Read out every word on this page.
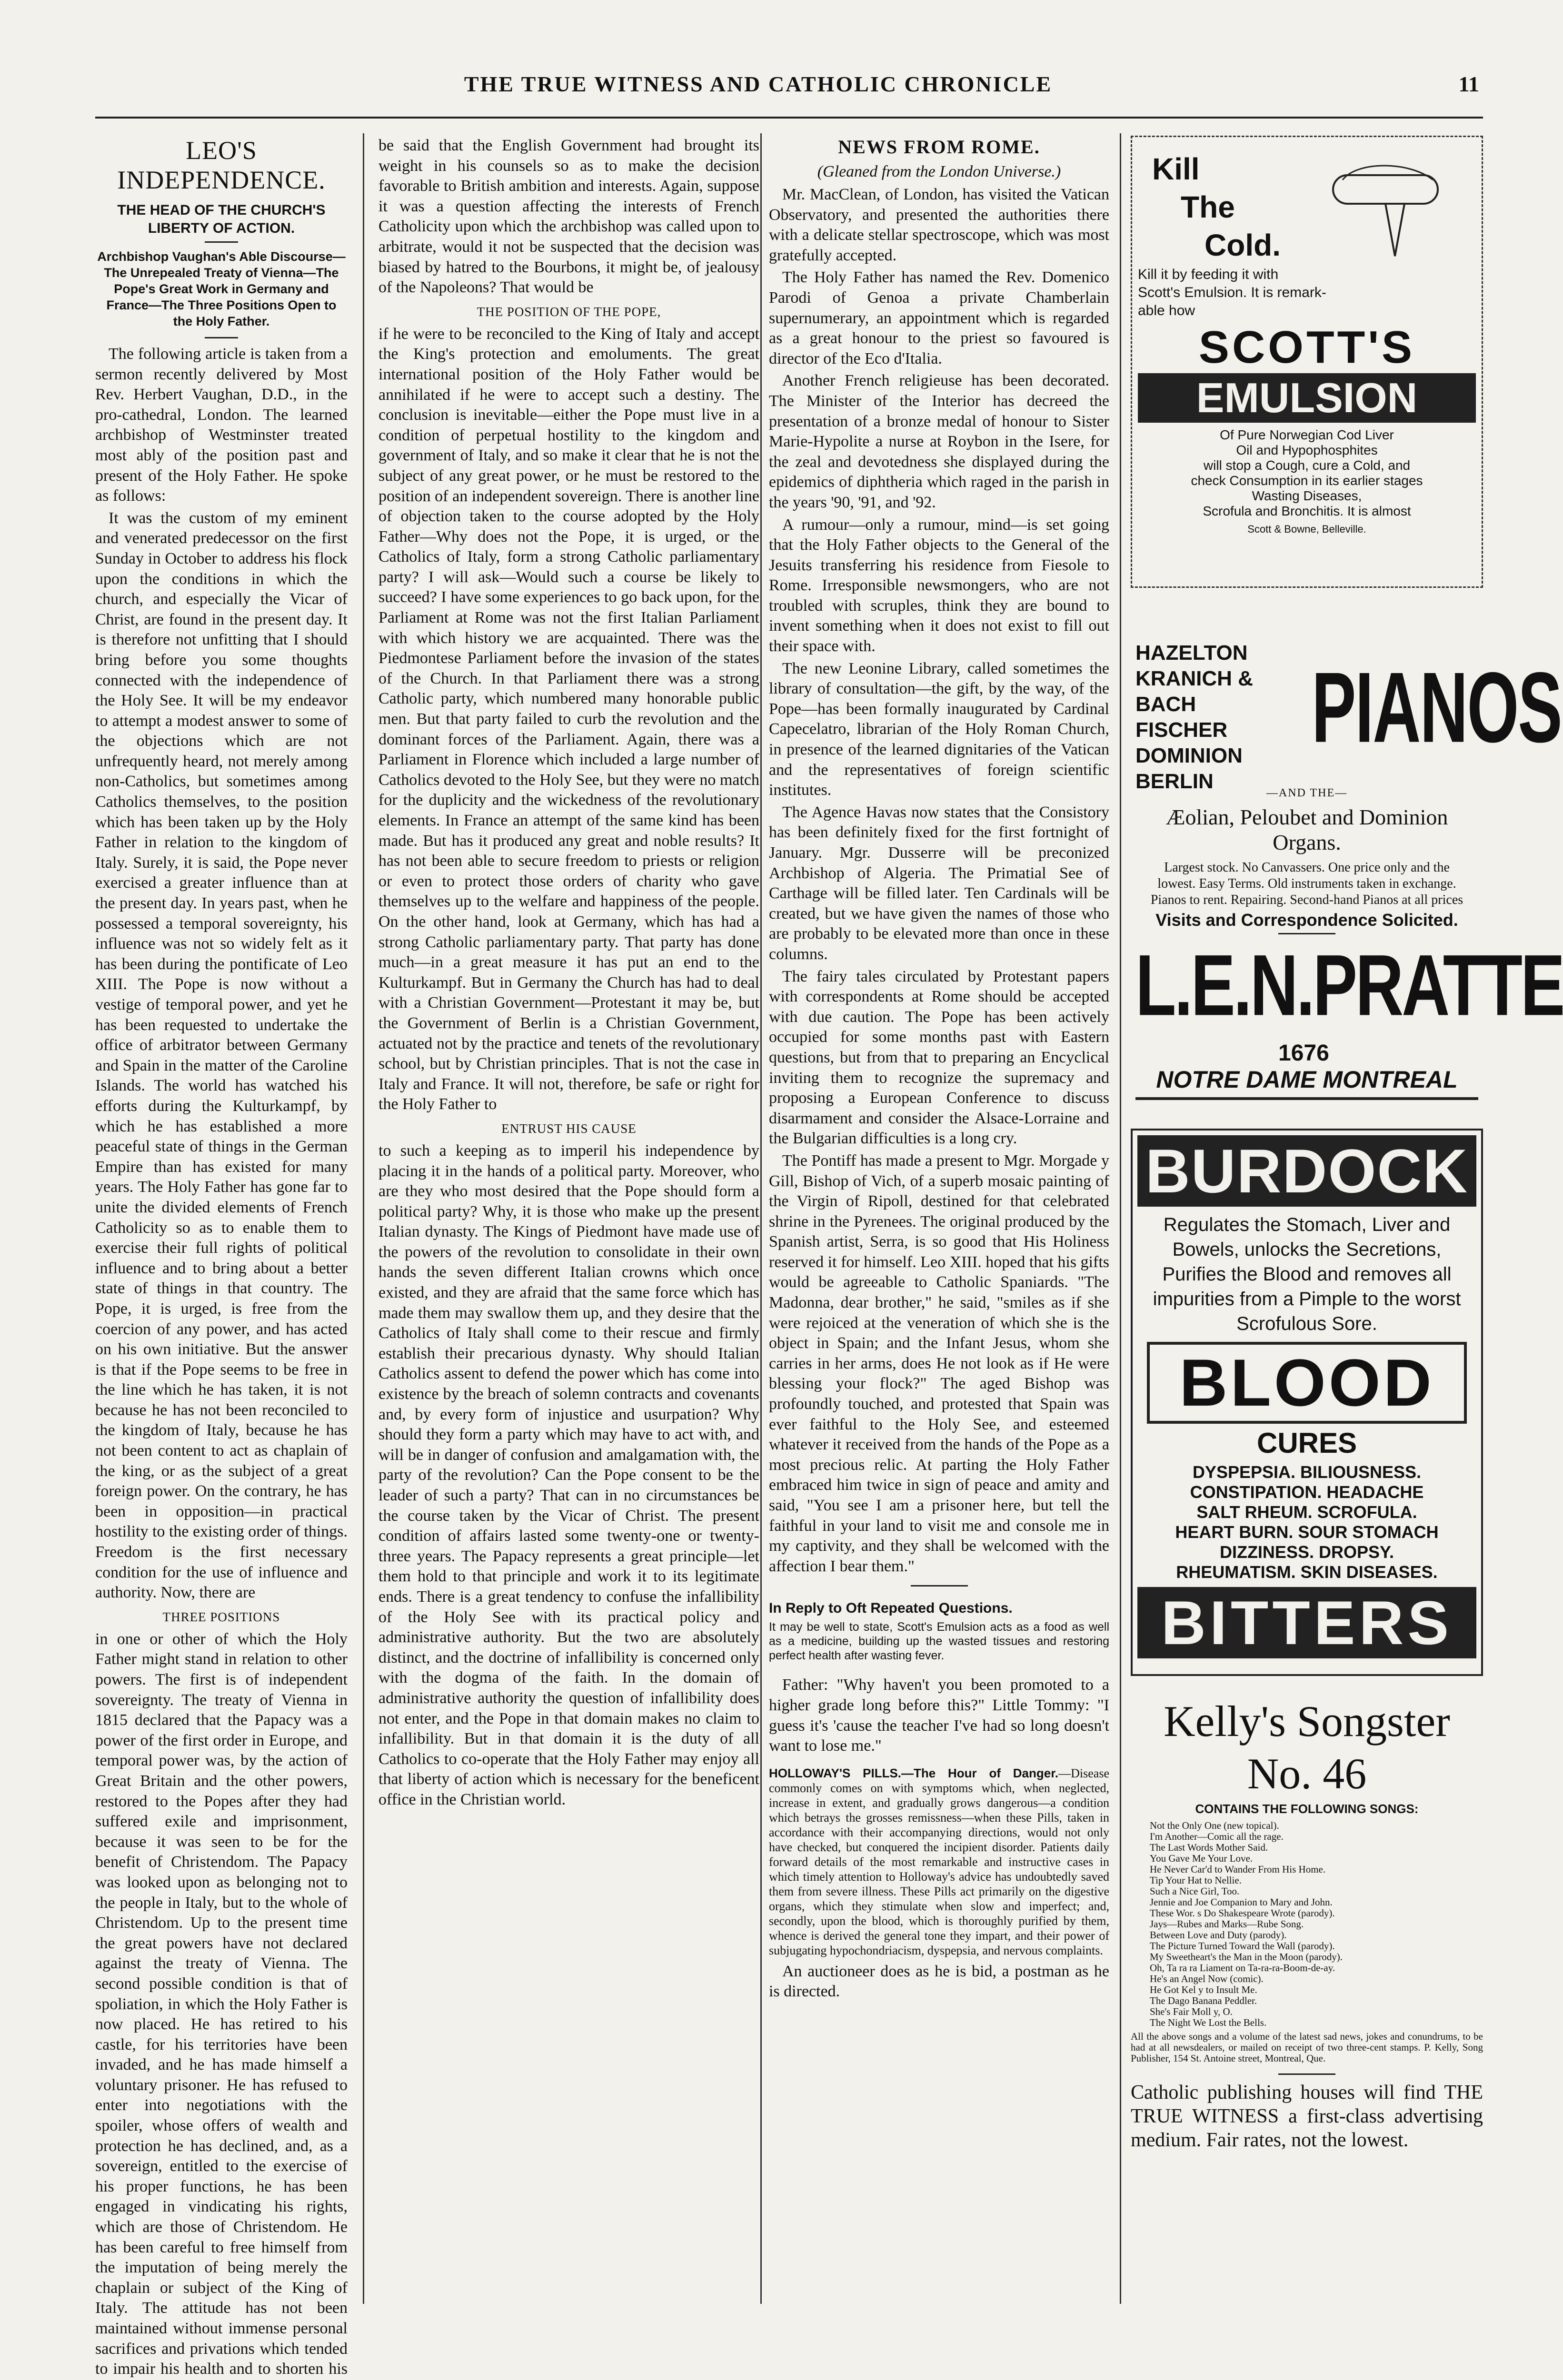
THE TRUE WITNESS AND CATHOLIC CHRONICLE	11
LEO'S INDEPENDENCE.
THE HEAD OF THE CHURCH'S LIBERTY OF ACTION.
Archbishop Vaughan's Able Discourse—The Unrepealed Treaty of Vienna—The Pope's Great Work in Germany and France—The Three Positions Open to the Holy Father.

The following article is taken from a sermon recently delivered by Most Rev. Herbert Vaughan, D.D., in the pro-cathedral, London. The learned archbishop of Westminster treated most ably of the position past and present of the Holy Father. He spoke as follows:

It was the custom of my eminent and venerated predecessor on the first Sunday in October to address his flock upon the conditions in which the church, and especially the Vicar of Christ, are found in the present day. It is therefore not unfitting that I should bring before you some thoughts connected with the independence of the Holy See. It will be my endeavor to attempt a modest answer to some of the objections which are not unfrequently heard, not merely among non-Catholics, but sometimes among Catholics themselves, to the position which has been taken up by the Holy Father in relation to the kingdom of Italy. Surely, it is said, the Pope never exercised a greater influence than at the present day. In years past, when he possessed a temporal sovereignty, his influence was not so widely felt as it has been during the pontificate of Leo XIII. The Pope is now without a vestige of temporal power, and yet he has been requested to undertake the office of arbitrator between Germany and Spain in the matter of the Caroline Islands. The world has watched his efforts during the Kulturkampf, by which he has established a more peaceful state of things in the German Empire than has existed for many years. The Holy Father has gone far to unite the divided elements of French Catholicity so as to enable them to exercise their full rights of political influence and to bring about a better state of things in that country. The Pope, it is urged, is free from the coercion of any power, and has acted on his own initiative. But the answer is that if the Pope seems to be free in the line which he has taken, it is not because he has not been reconciled to the kingdom of Italy, because he has not been content to act as chaplain of the king, or as the subject of a great foreign power. On the contrary, he has been in opposition—in practical hostility to the existing order of things. Freedom is the first necessary condition for the use of influence and authority. Now, there are

THREE POSITIONS

in one or other of which the Holy Father might stand in relation to other powers. The first is of independent sovereignty. The treaty of Vienna in 1815 declared that the Papacy was a power of the first order in Europe, and temporal power was, by the action of Great Britain and the other powers, restored to the Popes after they had suffered exile and imprisonment, because it was seen to be for the benefit of Christendom. The Papacy was looked upon as belonging not to the people in Italy, but to the whole of Christendom. Up to the present time the great powers have not declared against the treaty of Vienna. The second possible condition is that of spoliation, in which the Holy Father is now placed. He has retired to his castle, for his territories have been invaded, and he has made himself a voluntary prisoner. He has refused to enter into negotiations with the spoiler, whose offers of wealth and protection he has declined, and, as a sovereign, entitled to the exercise of his proper functions, he has been engaged in vindicating his rights, which are those of Christendom. He has been careful to free himself from the imputation of being merely the chaplain or subject of the King of Italy. The attitude has not been maintained without immense personal sacrifices and privations which tended to impair his health and to shorten his

be said that the English Government had brought its weight in his counsels so as to make the decision favorable to British ambition and interests. Again, suppose it was a question affecting the interests of French Catholicity upon which the archbishop was called upon to arbitrate, would it not be suspected that the decision was biased by hatred to the Bourbons, it might be, of jealousy of the Napoleons? That would be

THE POSITION OF THE POPE,

if he were to be reconciled to the King of Italy and accept the King's protection and emoluments. The great international position of the Holy Father would be annihilated if he were to accept such a destiny. The conclusion is inevitable—either the Pope must live in a condition of perpetual hostility to the kingdom and government of Italy, and so make it clear that he is not the subject of any great power, or he must be restored to the position of an independent sovereign. There is another line of objection taken to the course adopted by the Holy Father—Why does not the Pope, it is urged, or the Catholics of Italy, form a strong Catholic parliamentary party? I will ask—Would such a course be likely to succeed? I have some experiences to go back upon, for the Parliament at Rome was not the first Italian Parliament with which history we are acquainted. There was the Piedmontese Parliament before the invasion of the states of the Church. In that Parliament there was a strong Catholic party, which numbered many honorable public men. But that party failed to curb the revolution and the dominant forces of the Parliament. Again, there was a Parliament in Florence which included a large number of Catholics devoted to the Holy See, but they were no match for the duplicity and the wickedness of the revolutionary elements. In France an attempt of the same kind has been made. But has it produced any great and noble results? It has not been able to secure freedom to priests or religion or even to protect those orders of charity who gave themselves up to the welfare and happiness of the people. On the other hand, look at Germany, which has had a strong Catholic parliamentary party. That party has done much—in a great measure it has put an end to the Kulturkampf. But in Germany the Church has had to deal with a Christian Government—Protestant it may be, but the Government of Berlin is a Christian Government, actuated not by the practice and tenets of the revolutionary school, but by Christian principles. That is not the case in Italy and France. It will not, therefore, be safe or right for the Holy Father to

ENTRUST HIS CAUSE

to such a keeping as to imperil his independence by placing it in the hands of a political party. Moreover, who are they who most desired that the Pope should form a political party? Why, it is those who make up the present Italian dynasty. The Kings of Piedmont have made use of the powers of the revolution to consolidate in their own hands the seven different Italian crowns which once existed, and they are afraid that the same force which has made them may swallow them up, and they desire that the Catholics of Italy shall come to their rescue and firmly establish their precarious dynasty. Why should Italian Catholics assent to defend the power which has come into existence by the breach of solemn contracts and covenants and, by every form of injustice and usurpation? Why should they form a party which may have to act with, and will be in danger of confusion and amalgamation with, the party of the revolution? Can the Pope consent to be the leader of such a party? That can in no circumstances be the course taken by the Vicar of Christ. The present condition of affairs lasted some twenty-one or twenty-three years. The Papacy represents a great principle—let them hold to that principle and work it to its legitimate ends. There is a great tendency to confuse the infallibility of the Holy See with its practical policy and administrative authority. But the two are absolutely distinct, and the doctrine of infallibility is concerned only with the dogma of the faith. In the domain of administrative authority the question of infallibility does not enter, and the Pope in that domain makes no claim to infallibility. But in that domain it is the duty of all Catholics to co-operate that the Holy Father may enjoy all that liberty of action which is necessary for the beneficent office in the Christian world.

NEWS FROM ROME.
(Gleaned from the London Universe.)

Mr. MacClean, of London, has visited the Vatican Observatory, and presented the authorities there with a delicate stellar spectroscope, which was most gratefully accepted.

The Holy Father has named the Rev. Domenico Parodi of Genoa a private Chamberlain supernumerary, an appointment which is regarded as a great honour to the priest so favoured is director of the Eco d'Italia.

Another French religieuse has been decorated. The Minister of the Interior has decreed the presentation of a bronze medal of honour to Sister Marie-Hypolite a nurse at Roybon in the Isere, for the zeal and devotedness she displayed during the epidemics of diphtheria which raged in the parish in the years '90, '91, and '92.

A rumour—only a rumour, mind—is set going that the Holy Father objects to the General of the Jesuits transferring his residence from Fiesole to Rome. Irresponsible newsmongers, who are not troubled with scruples, think they are bound to invent something when it does not exist to fill out their space with.

The new Leonine Library, called sometimes the library of consultation—the gift, by the way, of the Pope—has been formally inaugurated by Cardinal Capecelatro, librarian of the Holy Roman Church, in presence of the learned dignitaries of the Vatican and the representatives of foreign scientific institutes.

The Agence Havas now states that the Consistory has been definitely fixed for the first fortnight of January. Mgr. Dusserre will be preconized Archbishop of Algeria. The Primatial See of Carthage will be filled later. Ten Cardinals will be created, but we have given the names of those who are probably to be elevated more than once in these columns.

The fairy tales circulated by Protestant papers with correspondents at Rome should be accepted with due caution. The Pope has been actively occupied for some months past with Eastern questions, but from that to preparing an Encyclical inviting them to recognize the supremacy and proposing a European Conference to discuss disarmament and consider the Alsace-Lorraine and the Bulgarian difficulties is a long cry.

The Pontiff has made a present to Mgr. Morgade y Gill, Bishop of Vich, of a superb mosaic painting of the Virgin of Ripoll, destined for that celebrated shrine in the Pyrenees. The original produced by the Spanish artist, Serra, is so good that His Holiness reserved it for himself. Leo XIII. hoped that his gifts would be agreeable to Catholic Spaniards. "The Madonna, dear brother," he said, "smiles as if she were rejoiced at the veneration of which she is the object in Spain; and the Infant Jesus, whom she carries in her arms, does He not look as if He were blessing your flock?" The aged Bishop was profoundly touched, and protested that Spain was ever faithful to the Holy See, and esteemed whatever it received from the hands of the Pope as a most precious relic. At parting the Holy Father embraced him twice in sign of peace and amity and said, "You see I am a prisoner here, but tell the faithful in your land to visit me and console me in my captivity, and they shall be welcomed with the affection I bear them."

In Reply to Oft Repeated Questions.
It may be well to state, Scott's Emulsion acts as a food as well as a medicine, building up the wasted tissues and restoring perfect health after wasting fever.

Father: "Why haven't you been promoted to a higher grade long before this?" Little Tommy: "I guess it's 'cause the teacher I've had so long doesn't want to lose me."

HOLLOWAY'S PILLS.—The Hour of Danger.—Disease commonly comes on with symptoms which, when neglected, increase in extent, and gradually grows dangerous—a condition which betrays the grosses remissness—when these Pills, taken in accordance with their accompanying directions, would not only have checked, but conquered the incipient disorder. Patients daily forward details of the most remarkable and instructive cases in which timely attention to Holloway's advice has undoubtedly saved them from severe illness. These Pills act primarily on the digestive organs, which they stimulate when slow and imperfect; and, secondly, upon the blood, which is thoroughly purified by them, whence is derived the general tone they impart, and their power of subjugating hypochondriacism, dyspepsia, and nervous complaints.

An auctioneer does as he is bid, a postman as he is directed.

Kill
The
Cold.
Kill it by feeding it with
Scott's Emulsion. It is remark-
able how
SCOTT'S
EMULSION
Of Pure Norwegian Cod Liver
Oil and Hypophosphites
will stop a Cough, cure a Cold, and
check Consumption in its earlier stages
Wasting Diseases,
Scrofula and Bronchitis. It is almost
Scott & Bowne, Belleville.
HAZELTON
KRANICH & BACH
FISCHER
DOMINION
BERLIN
PIANOS
—AND THE—
Æolian, Peloubet and Dominion Organs.
Largest stock. No Canvassers. One price only and the lowest. Easy Terms. Old instruments taken in exchange. Pianos to rent. Repairing. Second-hand Pianos at all prices
Visits and Correspondence Solicited.
L.E.N.PRATTE
1676
NOTRE DAME MONTREAL
BURDOCK
Regulates the Stomach, Liver and Bowels, unlocks the Secretions, Purifies the Blood and removes all impurities from a Pimple to the worst Scrofulous Sore.
BLOOD
CURES
DYSPEPSIA. BILIOUSNESS.
CONSTIPATION. HEADACHE
SALT RHEUM. SCROFULA.
HEART BURN. SOUR STOMACH
DIZZINESS. DROPSY.
RHEUMATISM. SKIN DISEASES.
BITTERS
Kelly's Songster No. 46
CONTAINS THE FOLLOWING SONGS:
Not the Only One (new topical).
I'm Another—Comic all the rage.
The Last Words Mother Said.
You Gave Me Your Love.
He Never Car'd to Wander From His Home.
Tip Your Hat to Nellie.
Such a Nice Girl, Too.
Jennie and Joe Companion to Mary and John.
These Wor. s Do Shakespeare Wrote (parody).
Jays—Rubes and Marks—Rube Song.
Between Love and Duty (parody).
The Picture Turned Toward the Wall (parody).
My Sweetheart's the Man in the Moon (parody).
Oh, Ta ra ra Liament on Ta-ra-ra-Boom-de-ay.
He's an Angel Now (comic).
He Got Kel y to Insult Me.
The Dago Banana Peddler.
She's Fair Moll y, O.
The Night We Lost the Bells.
All the above songs and a volume of the latest sad news, jokes and conundrums, to be had at all newsdealers, or mailed on receipt of two three-cent stamps. P. Kelly, Song Publisher, 154 St. Antoine street, Montreal, Que.
Catholic publishing houses will find THE TRUE WITNESS a first-class advertising medium. Fair rates, not the lowest.
